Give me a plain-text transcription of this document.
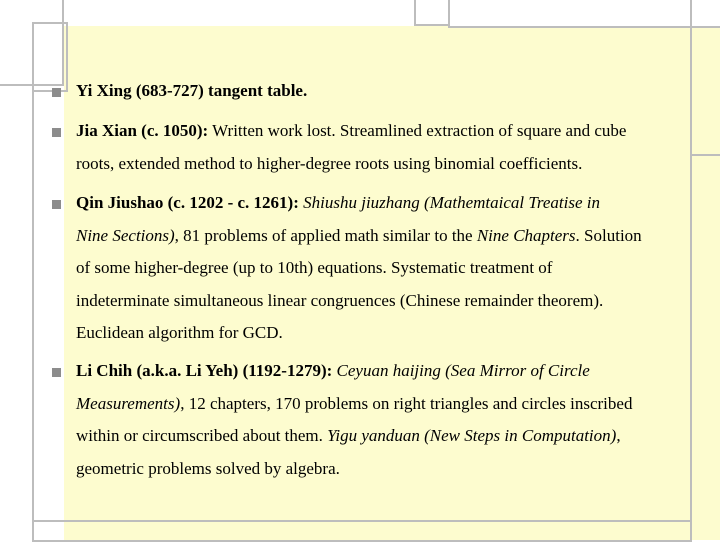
Yi Xing (683-727) tangent table.
Jia Xian (c. 1050): Written work lost. Streamlined extraction of square and cube
roots, extended method to higher-degree roots using binomial coefficients.
Qin Jiushao (c. 1202 - c. 1261): Shiushu jiuzhang (Mathemtaical Treatise in
Nine Sections), 81 problems of applied math similar to the Nine Chapters. Solution
of some higher-degree (up to 10th) equations. Systematic treatment of
indeterminate simultaneous linear congruences (Chinese remainder theorem).
Euclidean algorithm for GCD.
Li Chih (a.k.a. Li Yeh) (1192-1279): Ceyuan haijing (Sea Mirror of Circle
Measurements), 12 chapters, 170 problems on right triangles and circles inscribed
within or circumscribed about them. Yigu yanduan (New Steps in Computation),
geometric problems solved by algebra.
